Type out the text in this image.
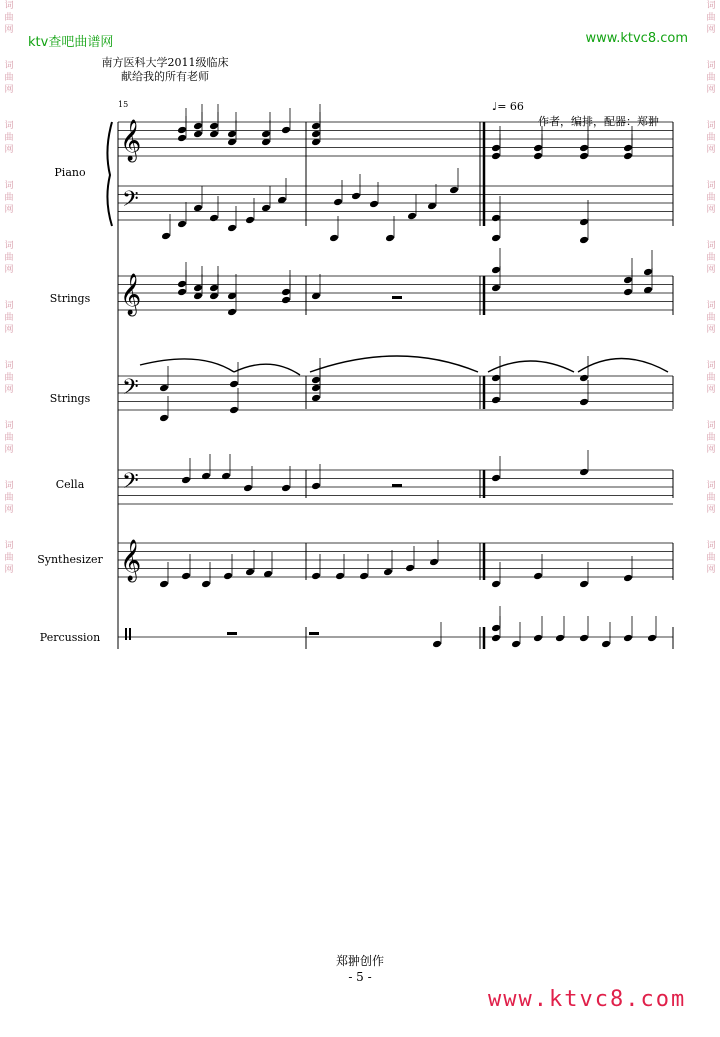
词
曲
网
词
曲
网
词
曲
网
词
曲
网
词
曲
网
词
曲
网
词
曲
网
词
曲
网
词
曲
网
词
曲
网
词
曲
网
词
曲
网
词
曲
网
词
曲
网
词
曲
网
词
曲
网
词
曲
网
词
曲
网
词
曲
网
词
曲
网
ktv查吧曲谱网	www.ktvc8.com
南方医科大学2011级临床
献给我的所有老师
♩= 66
作者，编排，配器：郑翀
15
Piano
Strings
Strings
Cella
Synthesizer
Percussion
𝄞
𝄢
𝄞
𝄢
𝄢
𝄞
郑翀创作
- 5 -
www.ktvc8.com
